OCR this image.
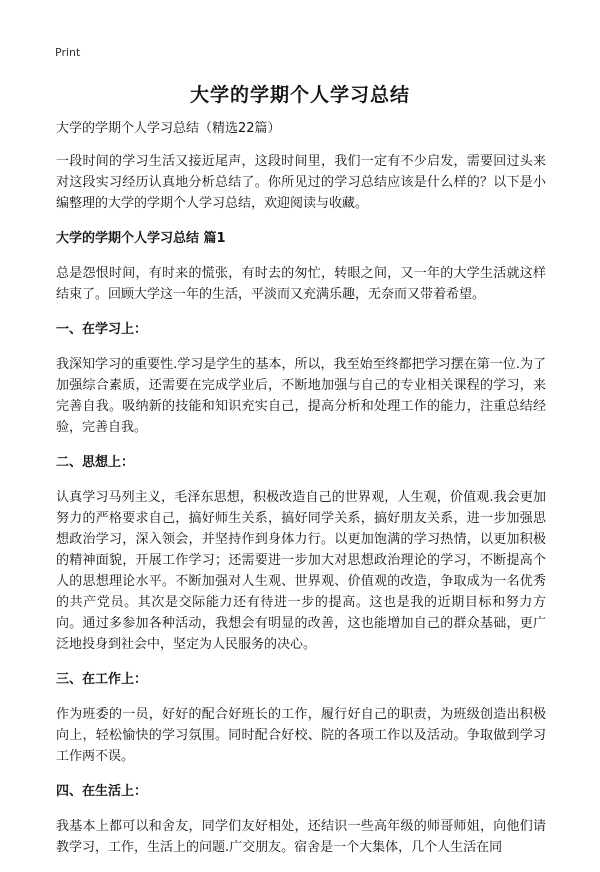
Print
大学的学期个人学习总结

大学的学期个人学习总结（精选22篇）

一段时间的学习生活又接近尾声，这段时间里，我们一定有不少启发，需要回过头来对这段实习经历认真地分析总结了。你所见过的学习总结应该是什么样的？以下是小编整理的大学的学期个人学习总结，欢迎阅读与收藏。

大学的学期个人学习总结 篇1

总是怨恨时间，有时来的慌张，有时去的匆忙，转眼之间，又一年的大学生活就这样结束了。回顾大学这一年的生活，平淡而又充满乐趣，无奈而又带着希望。

一、在学习上：

我深知学习的重要性.学习是学生的基本，所以，我至始至终都把学习摆在第一位.为了加强综合素质，还需要在完成学业后，不断地加强与自己的专业相关课程的学习，来完善自我。吸纳新的技能和知识充实自己，提高分析和处理工作的能力，注重总结经验，完善自我。

二、思想上：

认真学习马列主义，毛泽东思想，积极改造自己的世界观，人生观，价值观.我会更加努力的严格要求自己，搞好师生关系，搞好同学关系，搞好朋友关系，进一步加强思想政治学习，深入领会，并坚持作到身体力行。以更加饱满的学习热情，以更加积极的精神面貌，开展工作学习；还需要进一步加大对思想政治理论的学习，不断提高个人的思想理论水平。不断加强对人生观、世界观、价值观的改造，争取成为一名优秀的共产党员。其次是交际能力还有待进一步的提高。这也是我的近期目标和努力方向。通过多参加各种活动，我想会有明显的改善，这也能增加自己的群众基础，更广泛地投身到社会中，坚定为人民服务的决心。

三、在工作上：

作为班委的一员，好好的配合好班长的工作，履行好自己的职责，为班级创造出积极向上，轻松愉快的学习氛围。同时配合好校、院的各项工作以及活动。争取做到学习工作两不误。

四、在生活上：

我基本上都可以和舍友，同学们友好相处，还结识一些高年级的师哥师姐，向他们请教学习，工作，生活上的问题.广交朋友。宿舍是一个大集体，几个人生活在同
